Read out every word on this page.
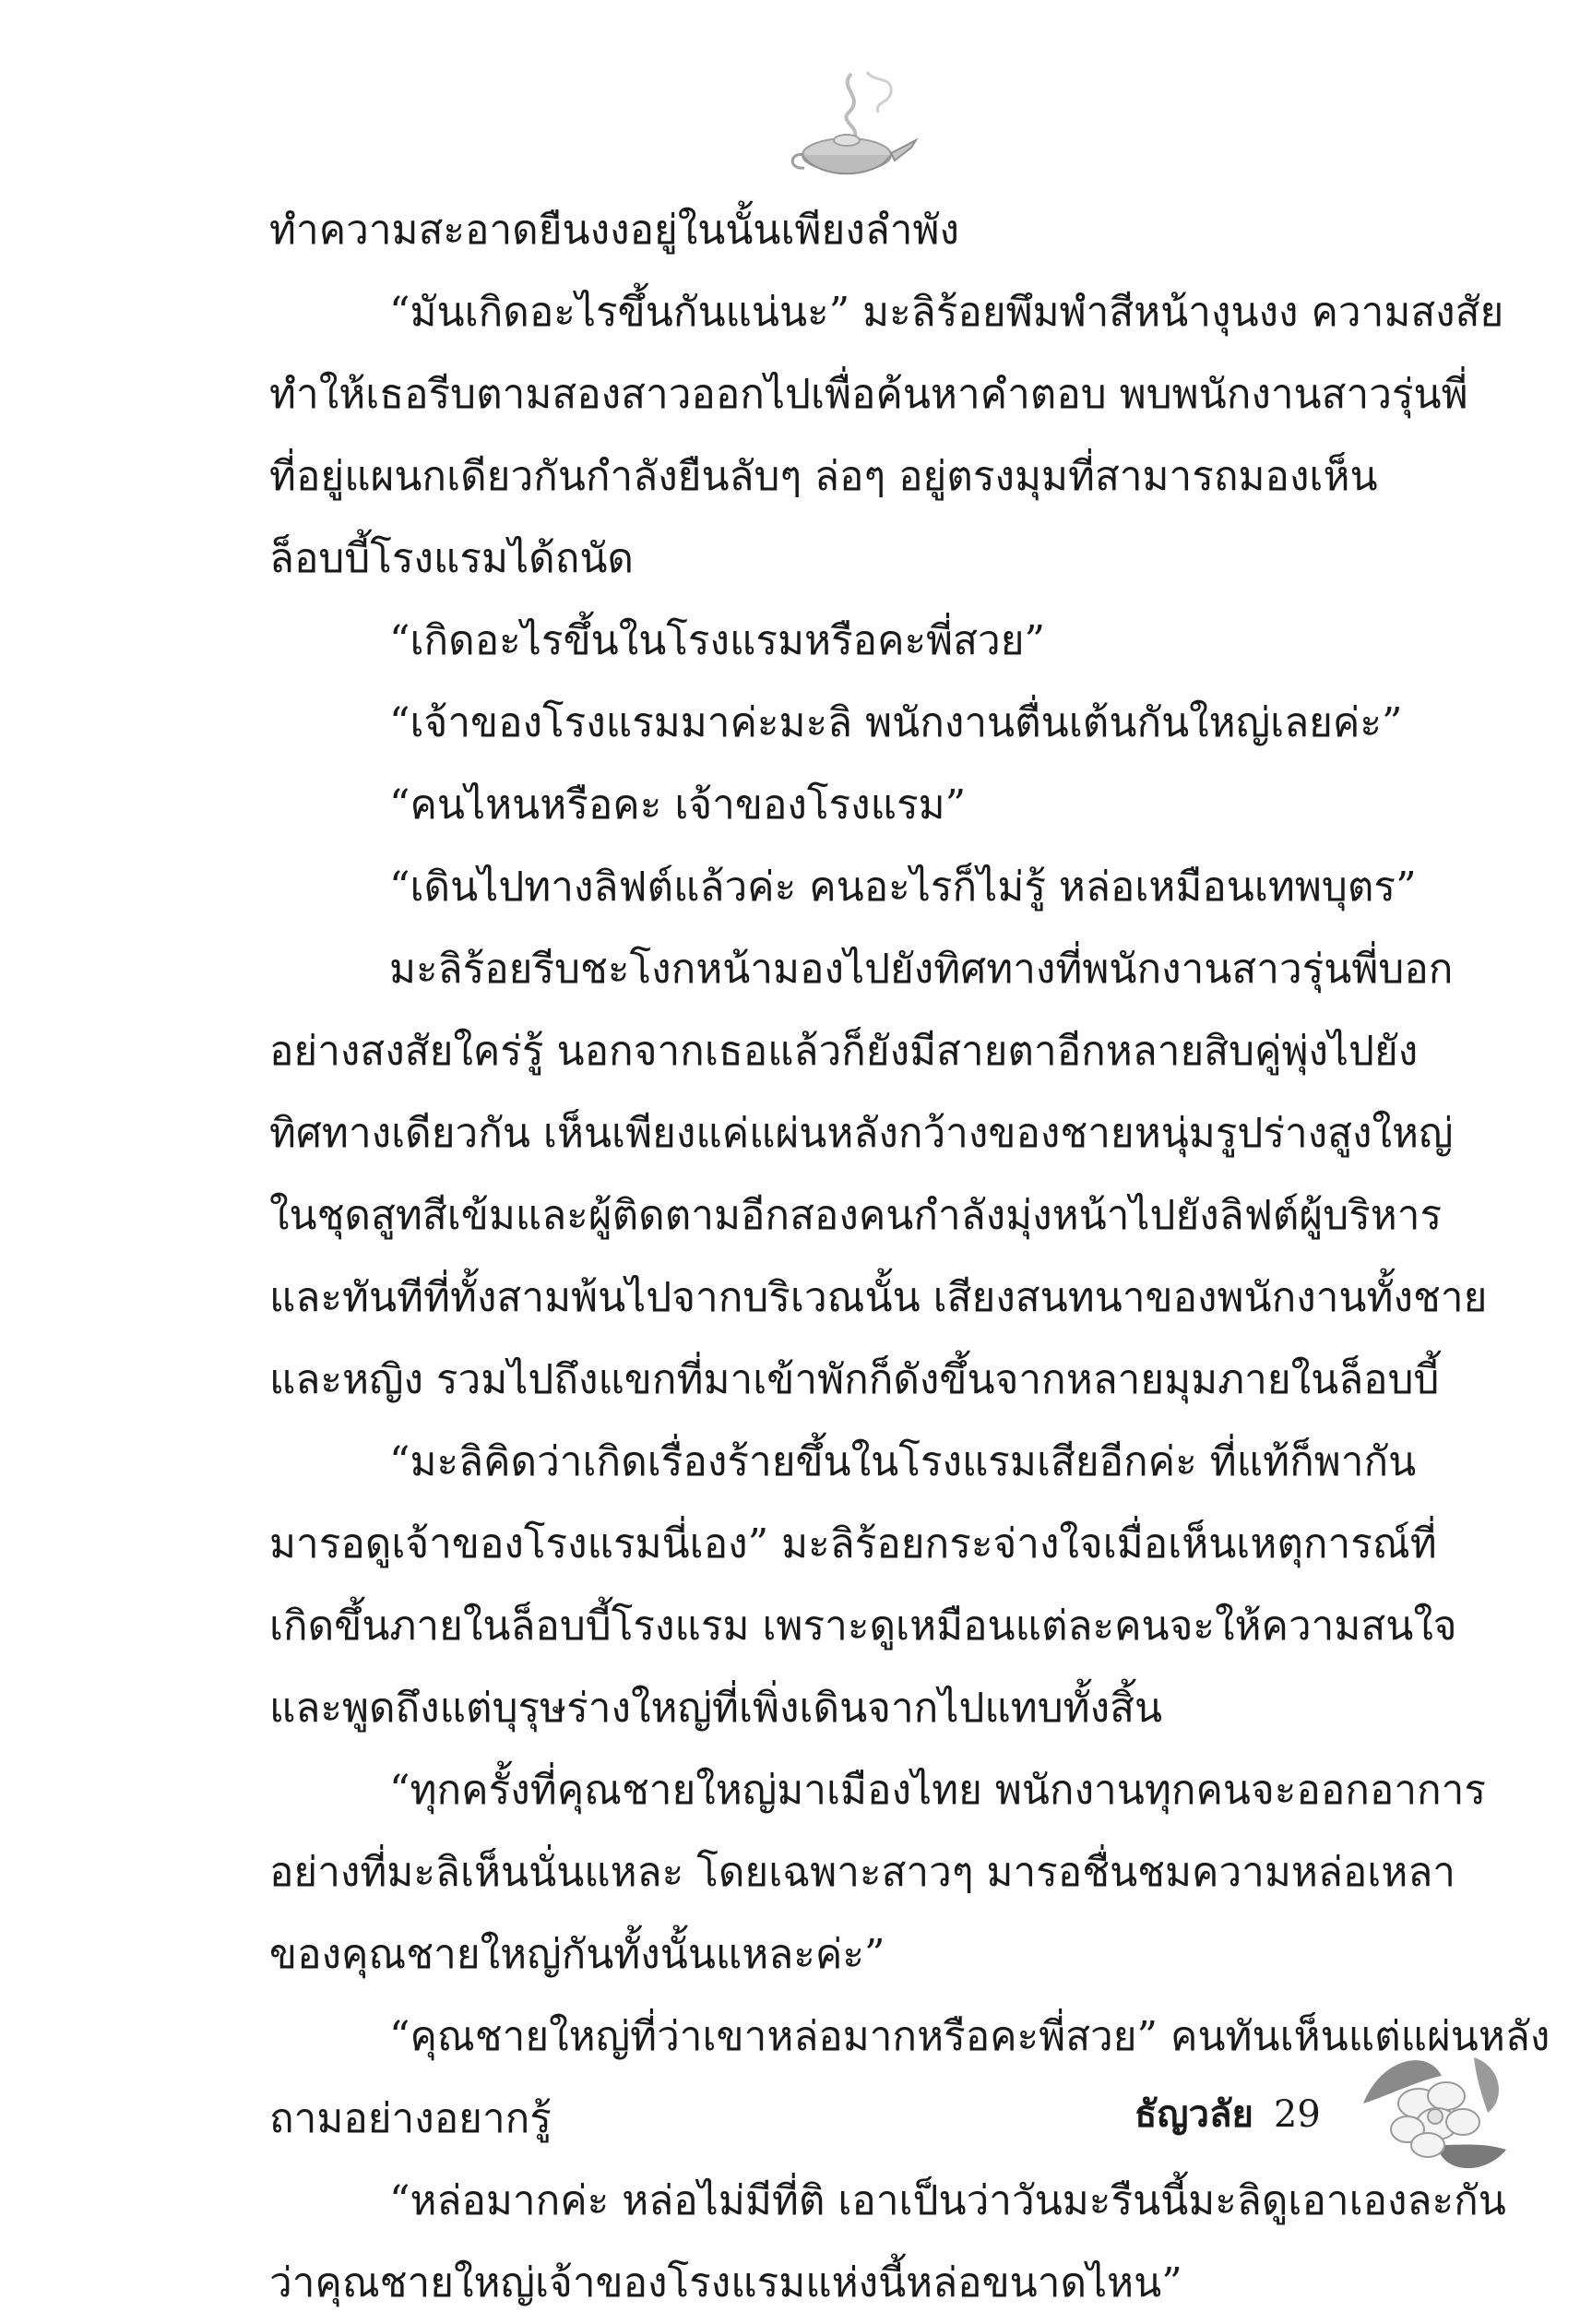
ทำความสะอาดยืนงงอยู่ในนั้นเพียงลำพัง
“มันเกิดอะไรขึ้นกันแน่นะ” มะลิร้อยพึมพำสีหน้างุนงง ความสงสัย
ทำให้เธอรีบตามสองสาวออกไปเพื่อค้นหาคำตอบ พบพนักงานสาวรุ่นพี่
ที่อยู่แผนกเดียวกันกำลังยืนลับๆ ล่อๆ อยู่ตรงมุมที่สามารถมองเห็น
ล็อบบี้โรงแรมได้ถนัด
“เกิดอะไรขึ้นในโรงแรมหรือคะพี่สวย”
“เจ้าของโรงแรมมาค่ะมะลิ พนักงานตื่นเต้นกันใหญ่เลยค่ะ”
“คนไหนหรือคะ เจ้าของโรงแรม”
“เดินไปทางลิฟต์แล้วค่ะ คนอะไรก็ไม่รู้ หล่อเหมือนเทพบุตร”
มะลิร้อยรีบชะโงกหน้ามองไปยังทิศทางที่พนักงานสาวรุ่นพี่บอก
อย่างสงสัยใคร่รู้ นอกจากเธอแล้วก็ยังมีสายตาอีกหลายสิบคู่พุ่งไปยัง
ทิศทางเดียวกัน เห็นเพียงแค่แผ่นหลังกว้างของชายหนุ่มรูปร่างสูงใหญ่
ในชุดสูทสีเข้มและผู้ติดตามอีกสองคนกำลังมุ่งหน้าไปยังลิฟต์ผู้บริหาร
และทันทีที่ทั้งสามพ้นไปจากบริเวณนั้น เสียงสนทนาของพนักงานทั้งชาย
และหญิง รวมไปถึงแขกที่มาเข้าพักก็ดังขึ้นจากหลายมุมภายในล็อบบี้
“มะลิคิดว่าเกิดเรื่องร้ายขึ้นในโรงแรมเสียอีกค่ะ ที่แท้ก็พากัน
มารอดูเจ้าของโรงแรมนี่เอง” มะลิร้อยกระจ่างใจเมื่อเห็นเหตุการณ์ที่
เกิดขึ้นภายในล็อบบี้โรงแรม เพราะดูเหมือนแต่ละคนจะให้ความสนใจ
และพูดถึงแต่บุรุษร่างใหญ่ที่เพิ่งเดินจากไปแทบทั้งสิ้น
“ทุกครั้งที่คุณชายใหญ่มาเมืองไทย พนักงานทุกคนจะออกอาการ
อย่างที่มะลิเห็นนั่นแหละ โดยเฉพาะสาวๆ มารอชื่นชมความหล่อเหลา
ของคุณชายใหญ่กันทั้งนั้นแหละค่ะ”
“คุณชายใหญ่ที่ว่าเขาหล่อมากหรือคะพี่สวย” คนทันเห็นแต่แผ่นหลัง
ถามอย่างอยากรู้
“หล่อมากค่ะ หล่อไม่มีที่ติ เอาเป็นว่าวันมะรืนนี้มะลิดูเอาเองละกัน
ว่าคุณชายใหญ่เจ้าของโรงแรมแห่งนี้หล่อขนาดไหน”
ธัญวลัย 29
